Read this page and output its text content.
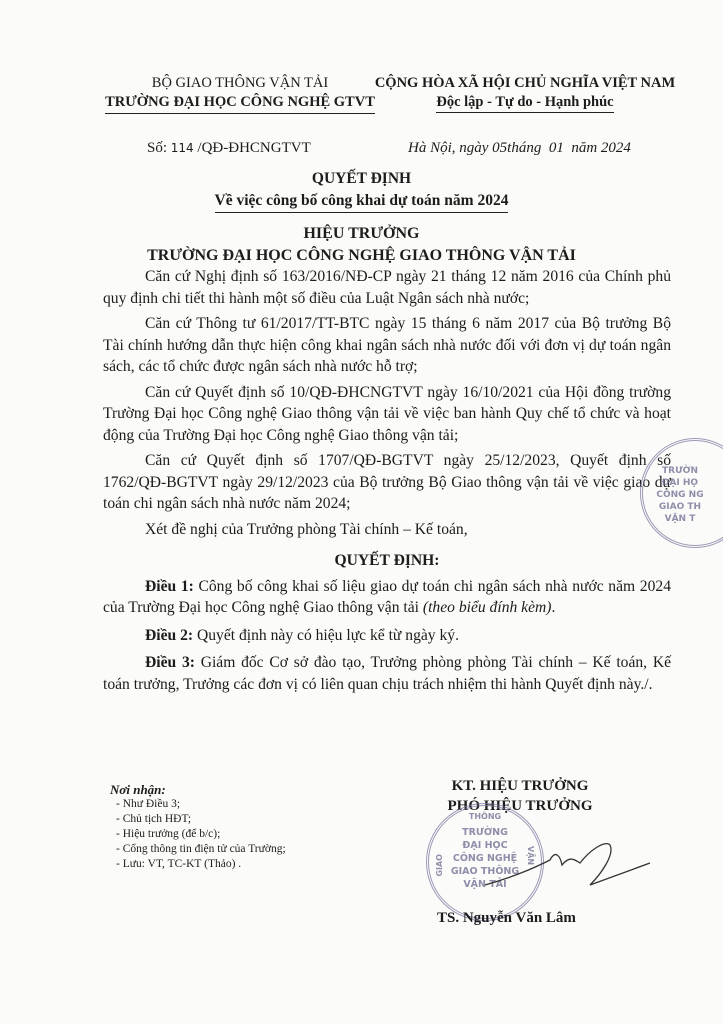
BỘ GIAO THÔNG VẬN TẢI
TRƯỜNG ĐẠI HỌC CÔNG NGHỆ GTVT
CỘNG HÒA XÃ HỘI CHỦ NGHĨA VIỆT NAM
Độc lập - Tự do - Hạnh phúc
Số: 114 /QĐ-ĐHCNGTVT	Hà Nội, ngày 05tháng  01  năm 2024
QUYẾT ĐỊNH
Về việc công bố công khai dự toán năm 2024
HIỆU TRƯỞNG
TRƯỜNG ĐẠI HỌC CÔNG NGHỆ GIAO THÔNG VẬN TẢI

Căn cứ Nghị định số 163/2016/NĐ-CP ngày 21 tháng 12 năm 2016 của Chính phủ quy định chi tiết thi hành một số điều của Luật Ngân sách nhà nước;

Căn cứ Thông tư 61/2017/TT-BTC ngày 15 tháng 6 năm 2017 của Bộ trưởng Bộ Tài chính hướng dẫn thực hiện công khai ngân sách nhà nước đối với đơn vị dự toán ngân sách, các tổ chức được ngân sách nhà nước hỗ trợ;

Căn cứ Quyết định số 10/QĐ-ĐHCNGTVT ngày 16/10/2021 của Hội đồng trường Trường Đại học Công nghệ Giao thông vận tải về việc ban hành Quy chế tổ chức và hoạt động của Trường Đại học Công nghệ Giao thông vận tải;

Căn cứ Quyết định số 1707/QĐ-BGTVT ngày 25/12/2023, Quyết định số 1762/QĐ-BGTVT ngày 29/12/2023 của Bộ trưởng Bộ Giao thông vận tải về việc giao dự toán chi ngân sách nhà nước năm 2024;

Xét đề nghị của Trưởng phòng Tài chính – Kế toán,

QUYẾT ĐỊNH:

Điều 1: Công bố công khai số liệu giao dự toán chi ngân sách nhà nước năm 2024 của Trường Đại học Công nghệ Giao thông vận tải (theo biểu đính kèm).

Điều 2: Quyết định này có hiệu lực kể từ ngày ký.

Điều 3: Giám đốc Cơ sở đào tạo, Trưởng phòng phòng Tài chính – Kế toán, Kế toán trưởng, Trưởng các đơn vị có liên quan chịu trách nhiệm thi hành Quyết định này./.

Nơi nhận:
- Như Điều 3;
- Chủ tịch HĐT;
- Hiệu trưởng (để b/c);
- Cổng thông tin điện tử của Trường;
- Lưu: VT, TC-KT (Thảo) .
KT. HIỆU TRƯỞNG
PHÓ HIỆU TRƯỞNG
THÔNG
GIAO	VẬN
TRƯỜNG
ĐẠI HỌC
CÔNG NGHỆ
GIAO THÔNG
VẬN TẢI
TS. Nguyễn Văn Lâm
TRƯỜN
ĐẠI HỌ
CÔNG NG
GIAO TH
VẬN T
